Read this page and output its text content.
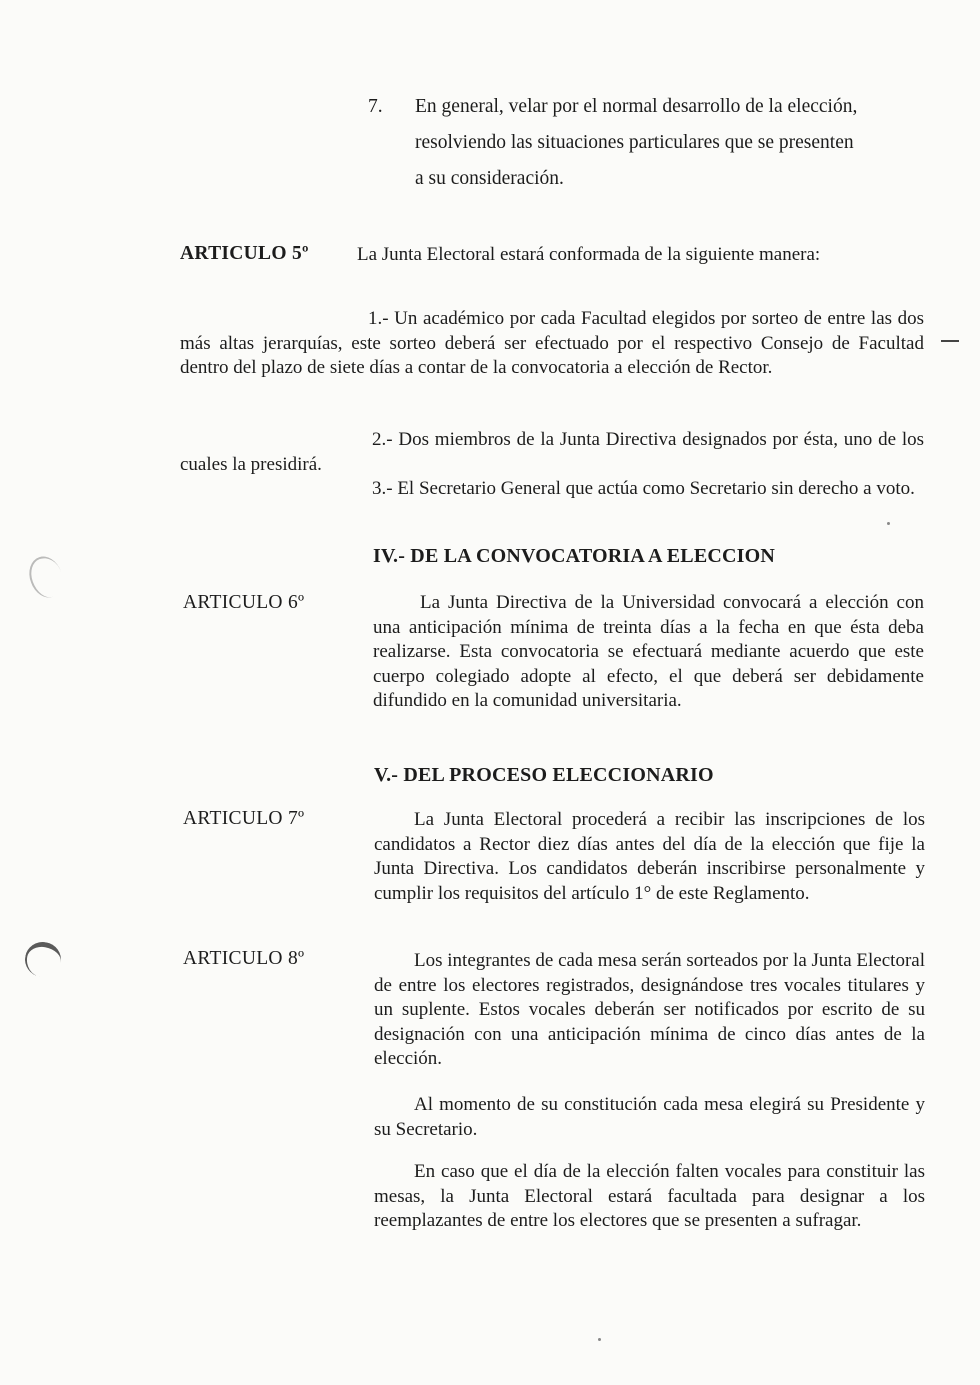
7. En general, velar por el normal desarrollo de la elección,
resolviendo las situaciones particulares que se presenten
a su consideración.
ARTICULO 5º	La Junta Electoral estará conformada de la siguiente manera:
1.- Un académico por cada Facultad elegidos por sorteo de entre las dos más altas jerarquías, este sorteo deberá ser efectuado por el respectivo Consejo de Facultad dentro del plazo de siete días a contar de la convocatoria a elección de Rector.
2.- Dos miembros de la Junta Directiva designados por ésta, uno de los cuales la presidirá.
3.- El Secretario General que actúa como Secretario sin derecho a voto.
IV.- DE LA CONVOCATORIA A ELECCION
ARTICULO 6º	La Junta Directiva de la Universidad convocará a elección con una anticipación mínima de treinta días a la fecha en que ésta deba realizarse. Esta convocatoria se efectuará mediante acuerdo que este cuerpo colegiado adopte al efecto, el que deberá ser debidamente difundido en la comunidad universitaria.
V.- DEL PROCESO ELECCIONARIO
ARTICULO 7º	La Junta Electoral procederá a recibir las inscripciones de los candidatos a Rector diez días antes del día de la elección que fije la Junta Directiva. Los candidatos deberán inscribirse personalmente y cumplir los requisitos del artículo 1° de este Reglamento.
ARTICULO 8º	Los integrantes de cada mesa serán sorteados por la Junta Electoral de entre los electores registrados, designándose tres vocales titulares y un suplente. Estos vocales deberán ser notificados por escrito de su designación con una anticipación mínima de cinco días antes de la elección.
Al momento de su constitución cada mesa elegirá su Presidente y su Secretario.
En caso que el día de la elección falten vocales para constituir las mesas, la Junta Electoral estará facultada para designar a los reemplazantes de entre los electores que se presenten a sufragar.
